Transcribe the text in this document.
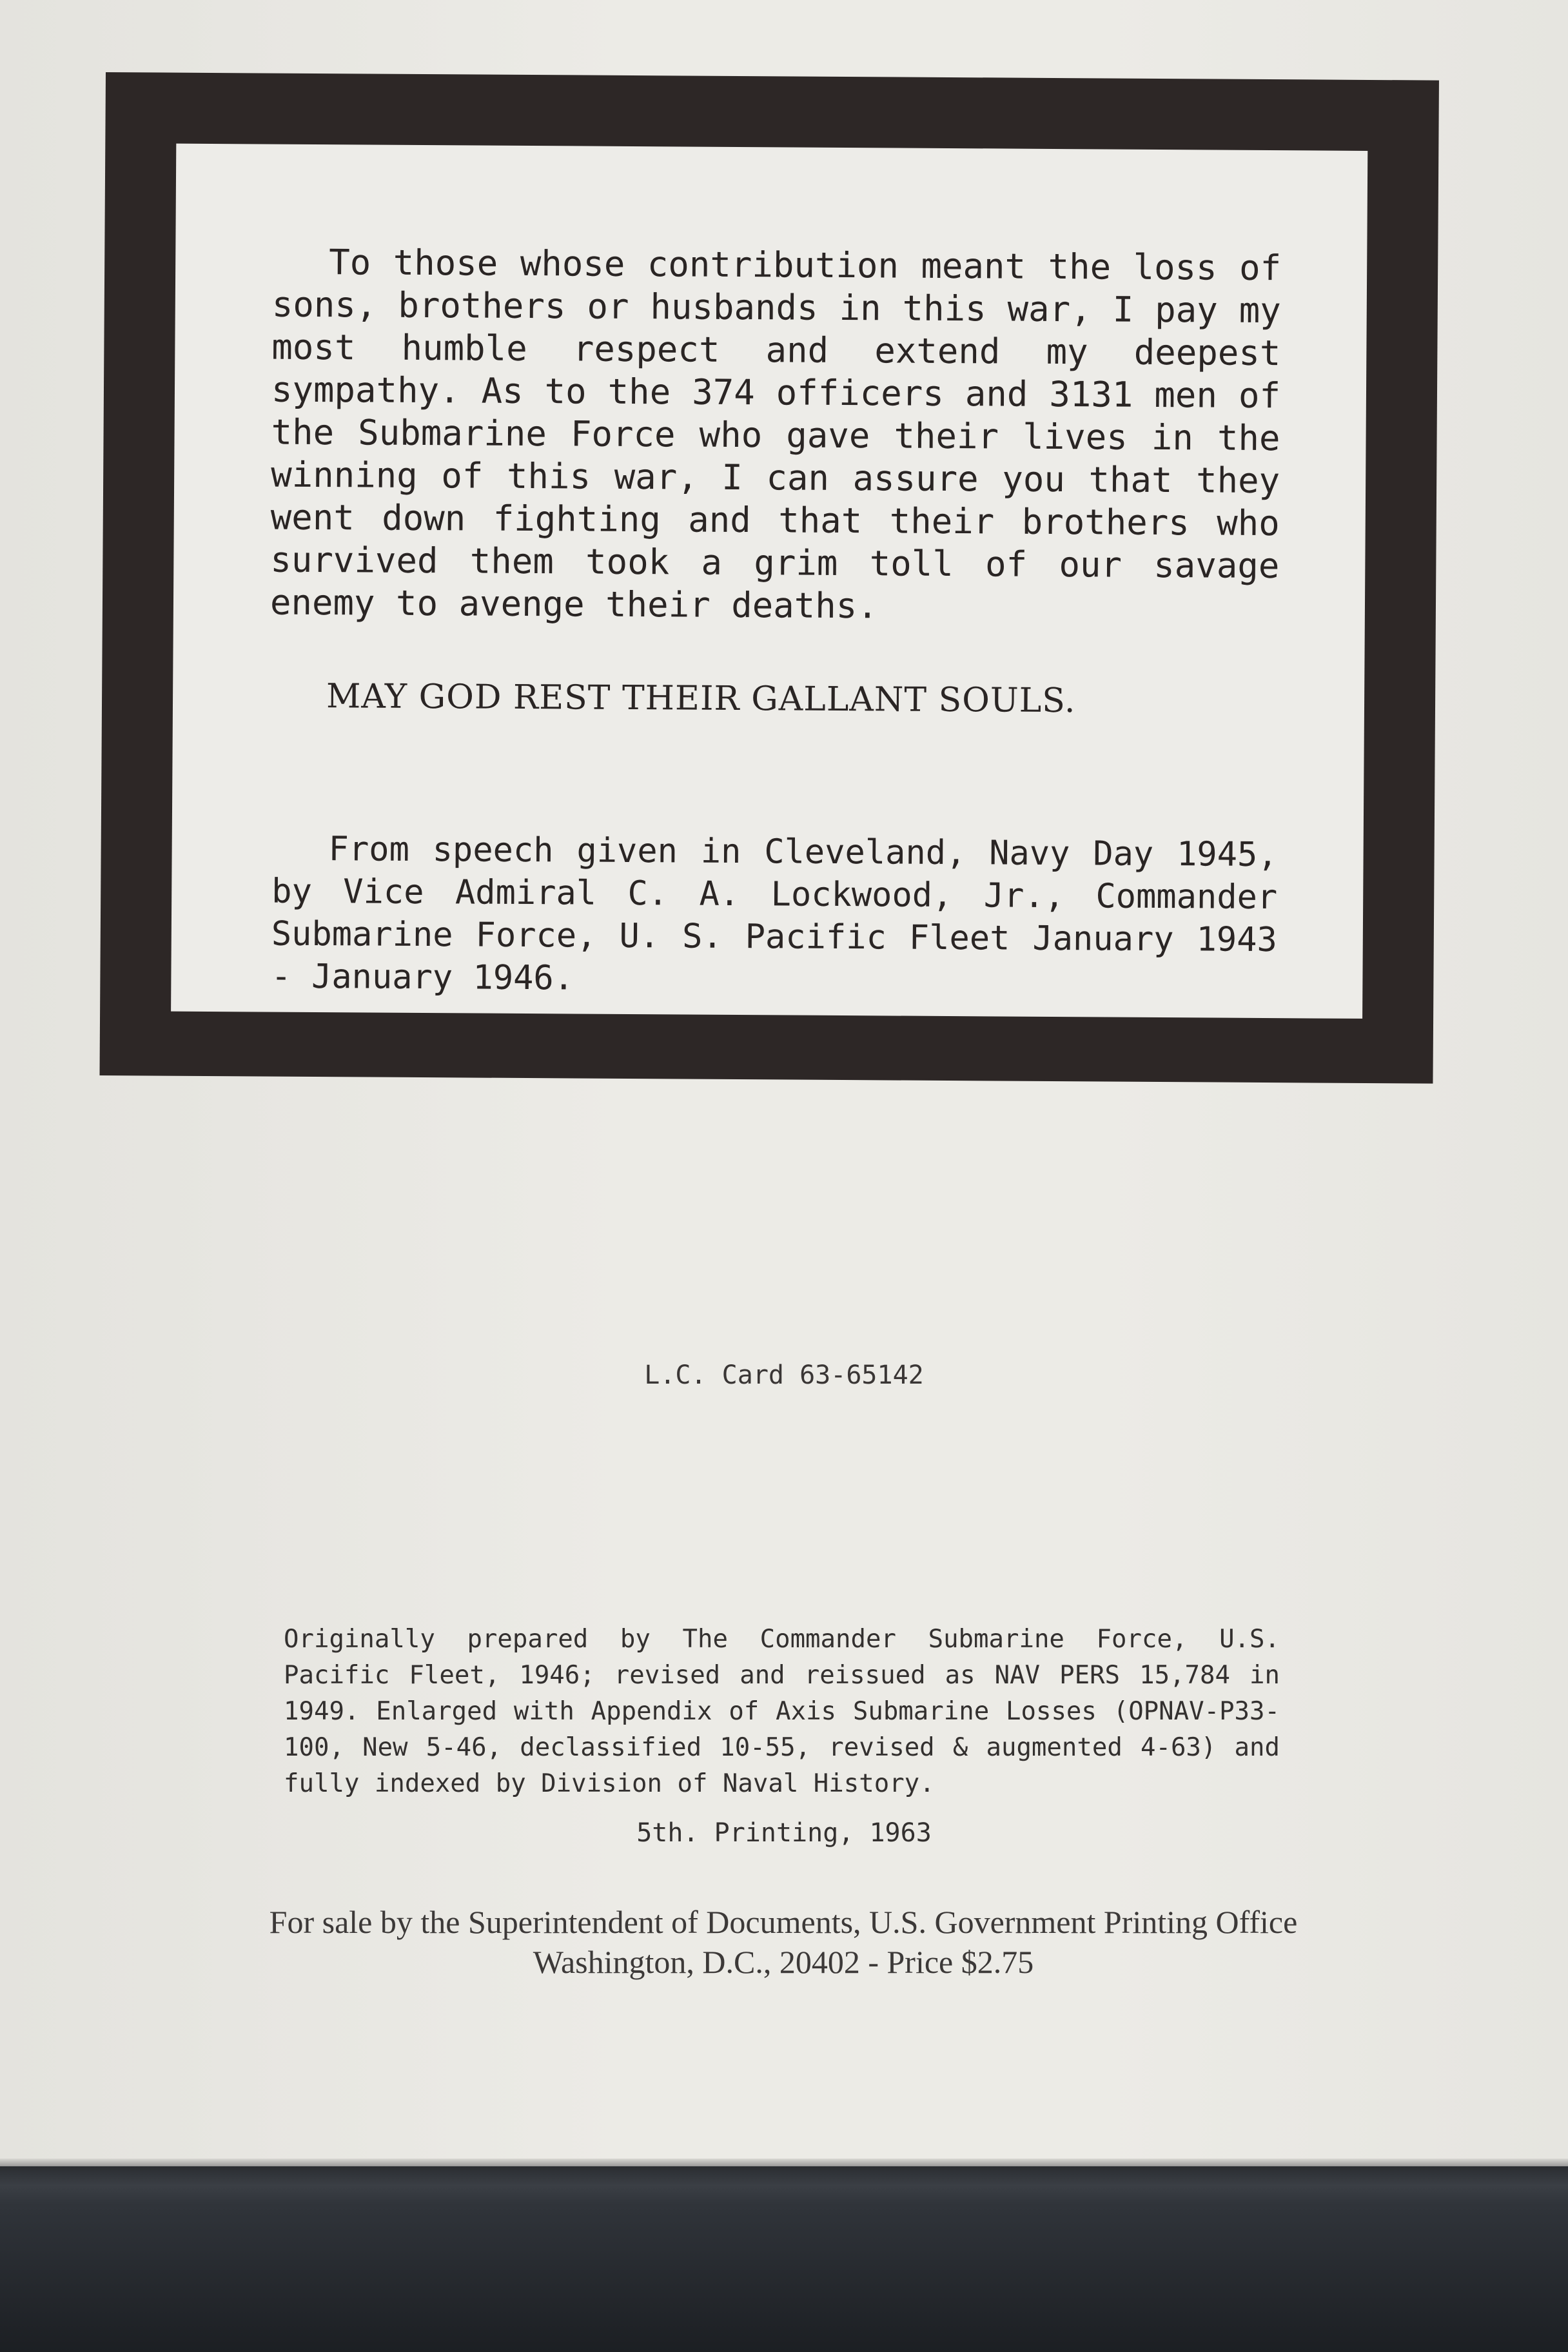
To those whose contribution meant the loss of sons, brothers or husbands in this war, I pay my most humble respect and extend my deepest sympathy. As to the 374 officers and 3131 men of the Submarine Force who gave their lives in the winning of this war, I can assure you that they went down fighting and that their brothers who survived them took a grim toll of our savage enemy to avenge their deaths.

MAY GOD REST THEIR GALLANT SOULS.

From speech given in Cleveland, Navy Day 1945, by Vice Admiral C. A. Lockwood, Jr., Commander Submarine Force, U. S. Pacific Fleet January 1943 - January 1946.

L.C. Card 63-65142

Originally prepared by The Commander Submarine Force, U.S. Pacific Fleet, 1946; revised and reissued as NAV PERS 15,784 in 1949. Enlarged with Appendix of Axis Submarine Losses (OPNAV-P33-100, New 5-46, declassified 10-55, revised & augmented 4-63) and fully indexed by Division of Naval History.

5th. Printing, 1963

For sale by the Superintendent of Documents, U.S. Government Printing Office
Washington, D.C., 20402 - Price $2.75
